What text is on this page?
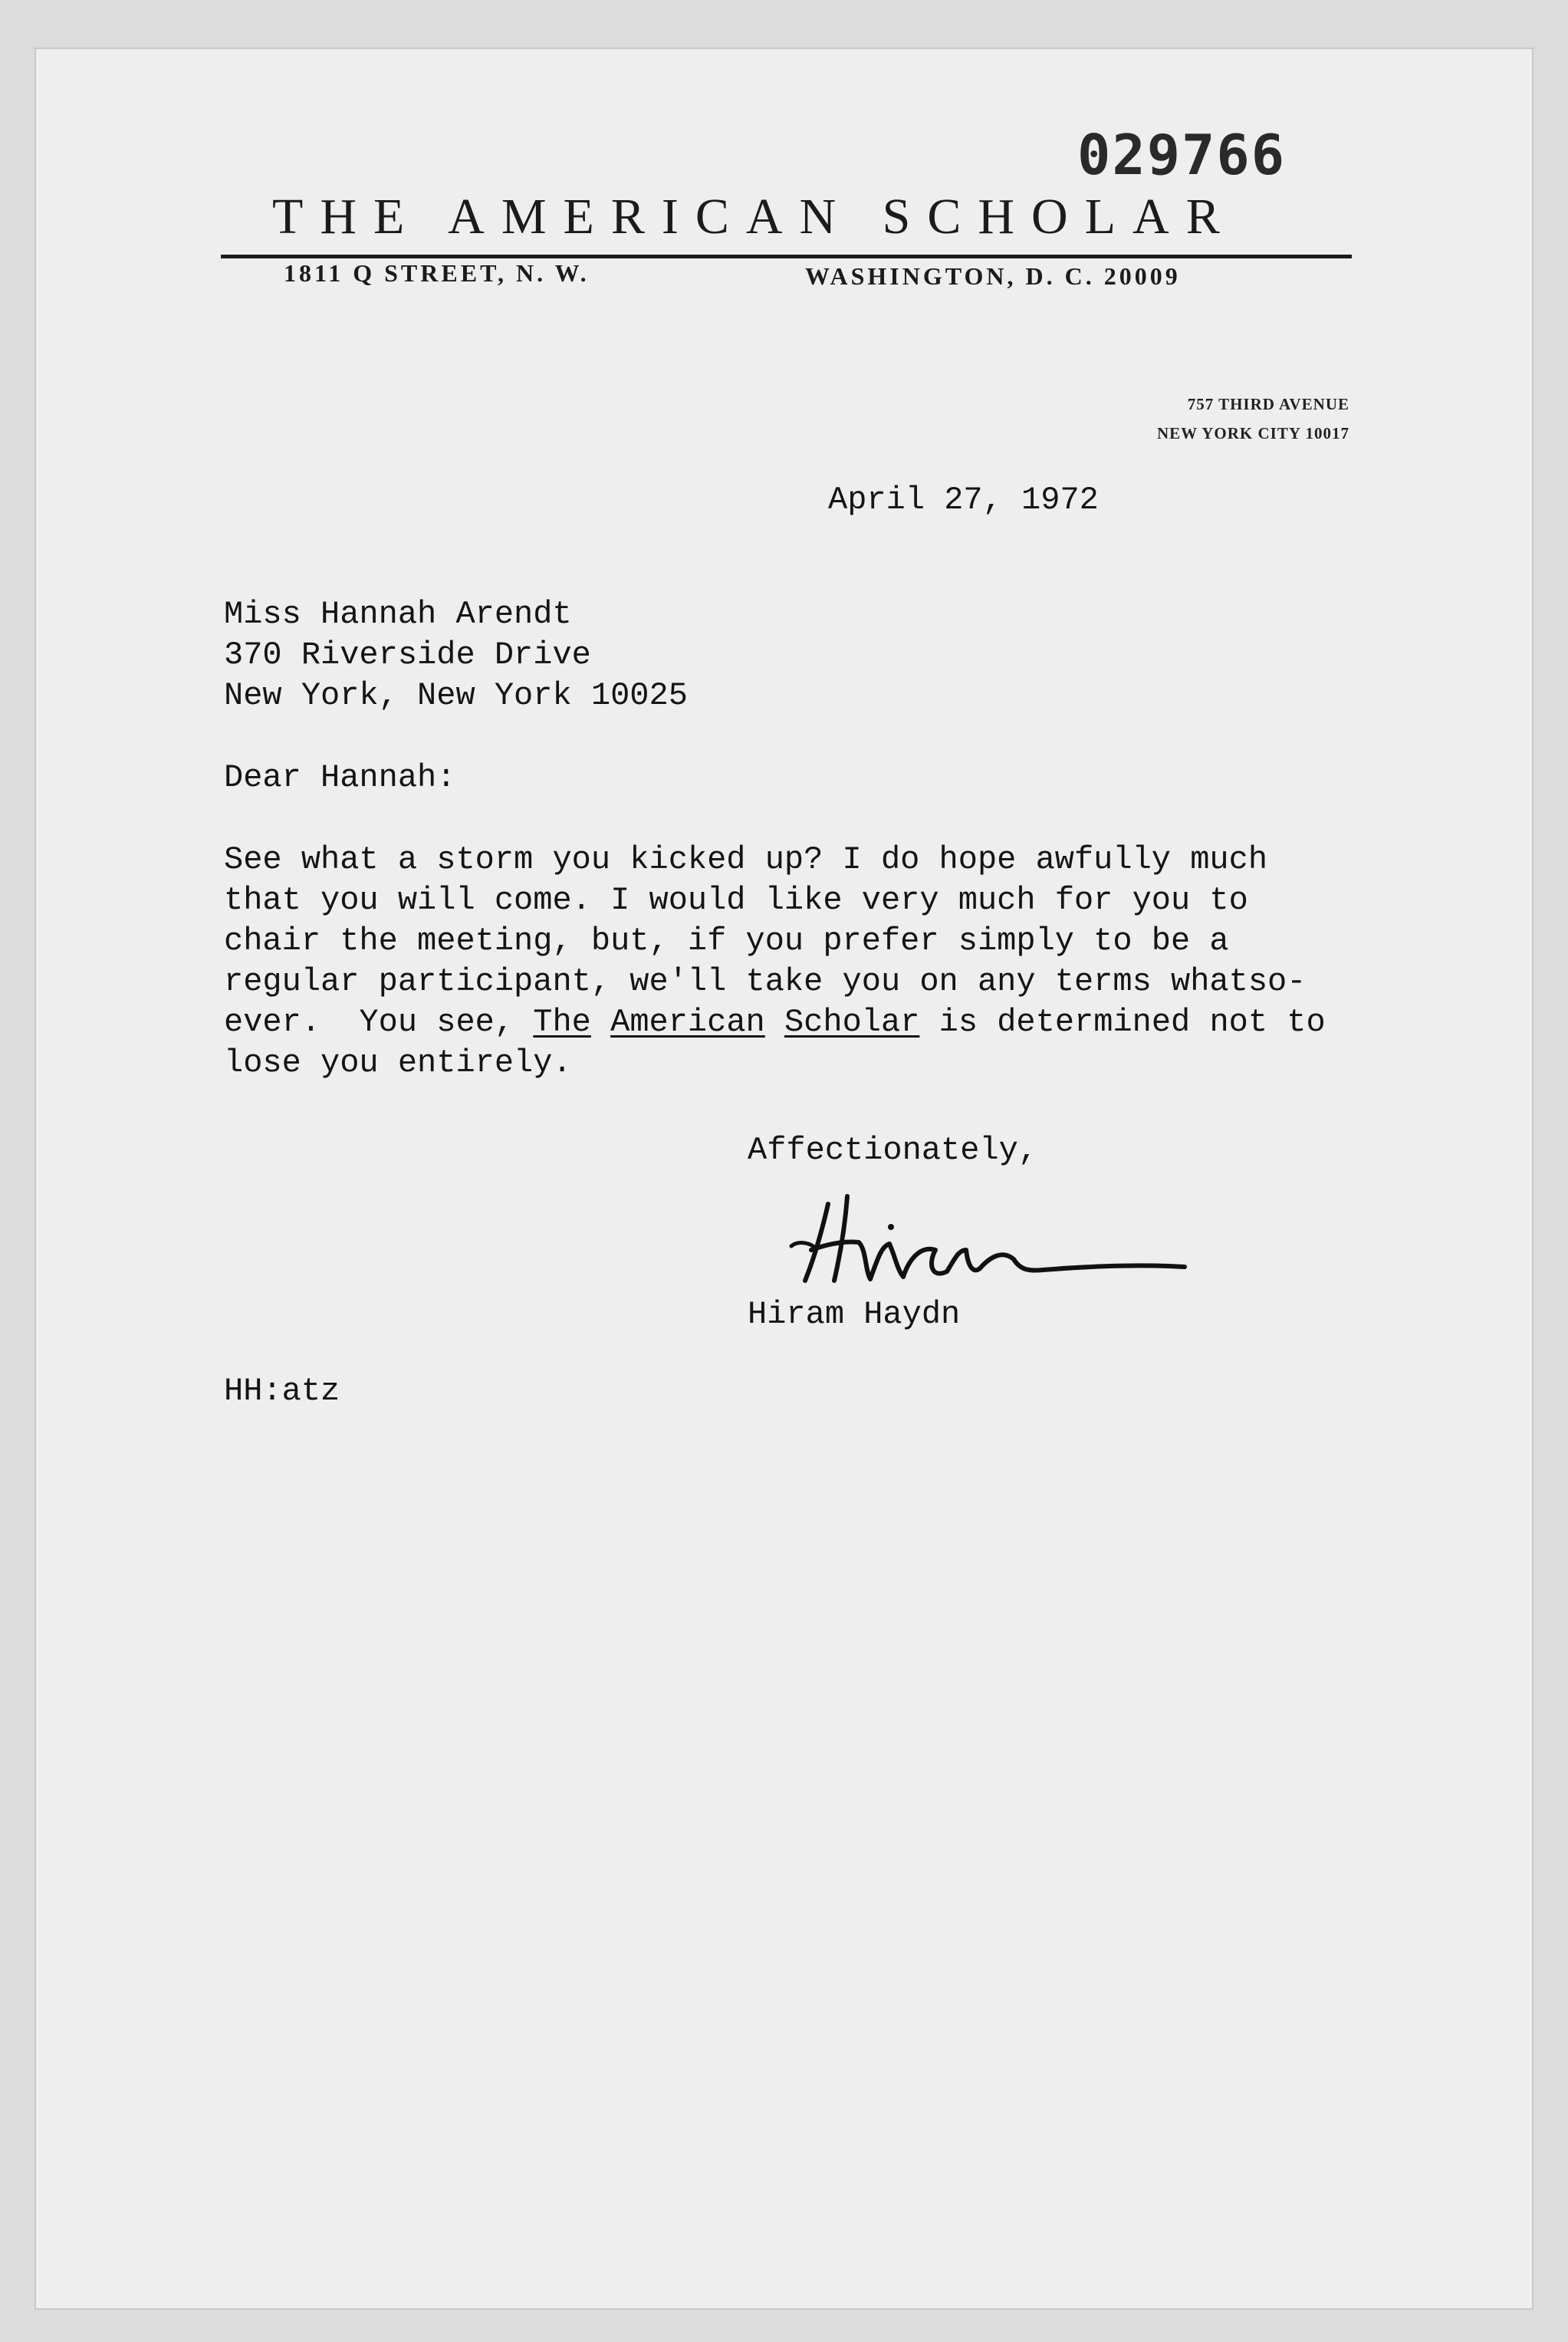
029766
THE AMERICAN SCHOLAR
1811 Q STREET, N. W.	WASHINGTON, D. C. 20009
757 THIRD AVENUE
NEW YORK CITY 10017
April 27, 1972
Miss Hannah Arendt
370 Riverside Drive
New York, New York 10025
Dear Hannah:
See what a storm you kicked up? I do hope awfully much
that you will come. I would like very much for you to
chair the meeting, but, if you prefer simply to be a
regular participant, we'll take you on any terms whatso-
ever.  You see, The American Scholar is determined not to
lose you entirely.
Affectionately,
Hiram Haydn
HH:atz
